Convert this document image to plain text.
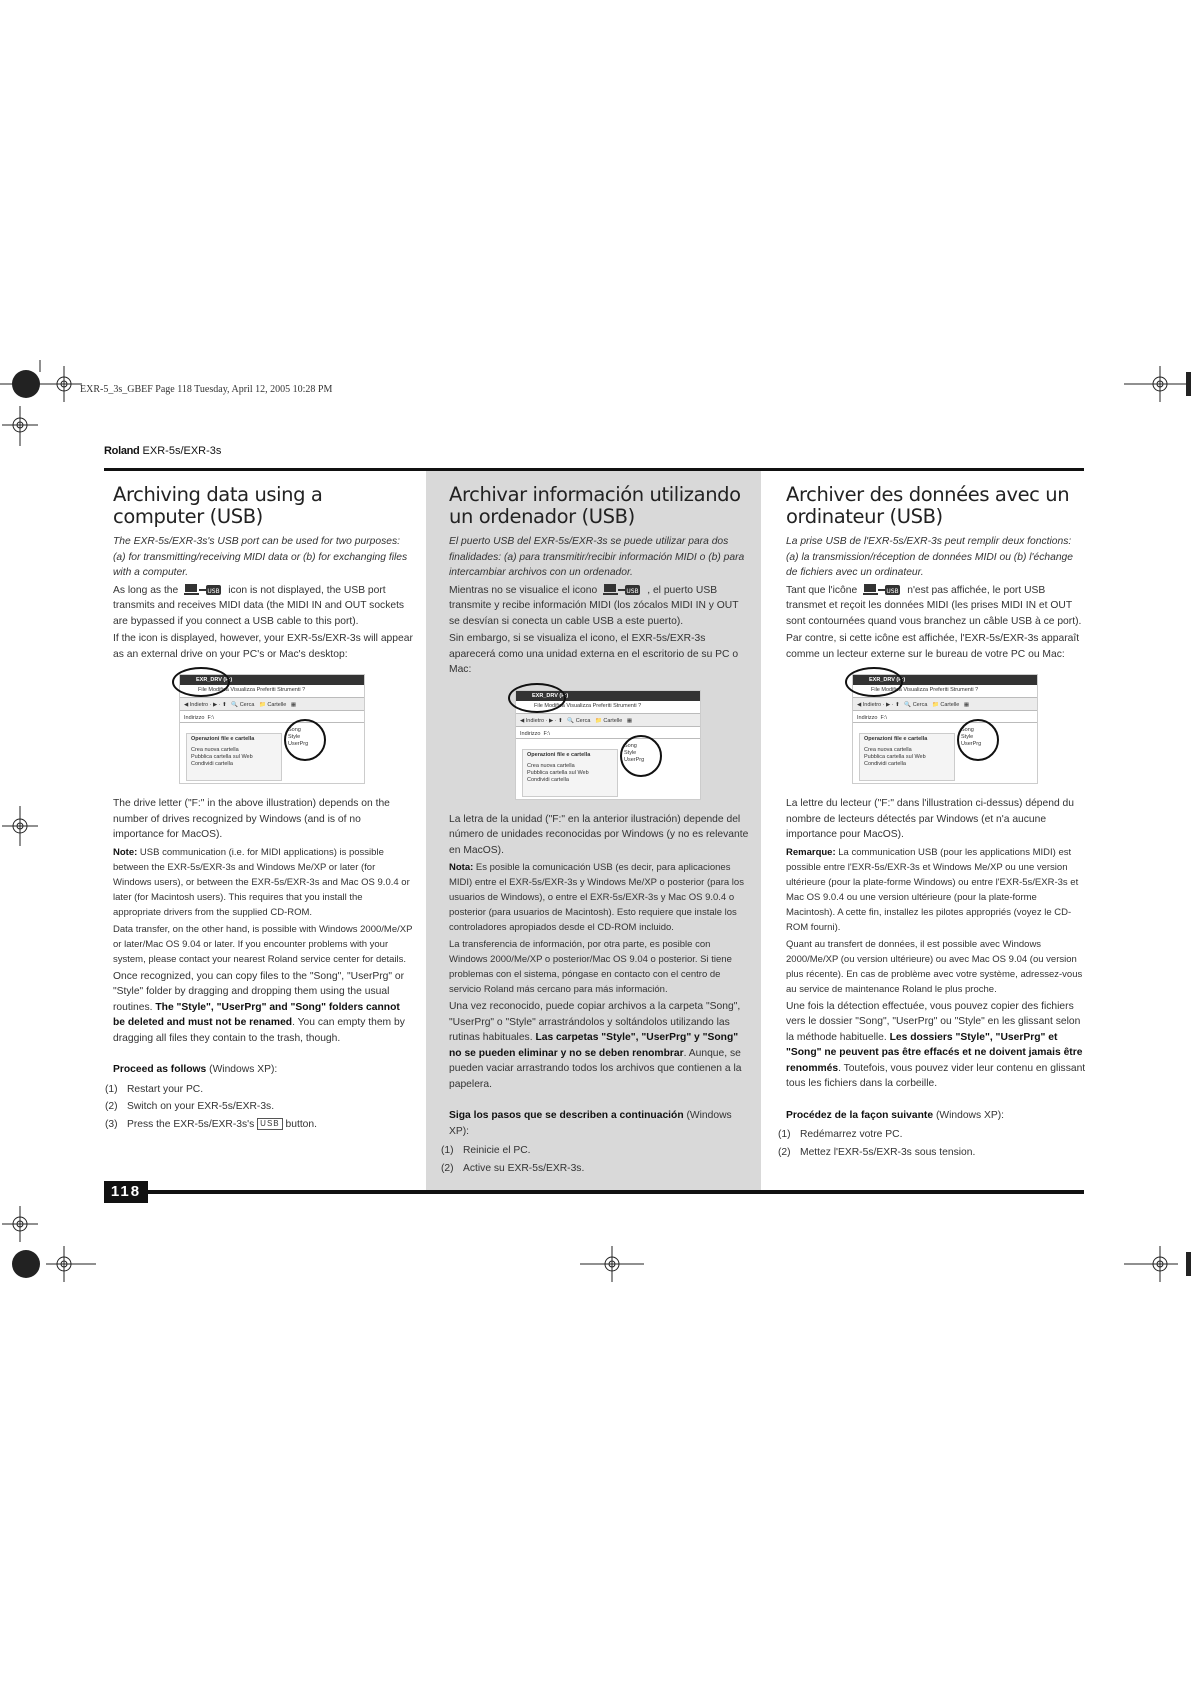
EXR-5_3s_GBEF Page 118 Tuesday, April 12, 2005 10:28 PM
Roland EXR-5s/EXR-3s
118
Archiving data using a computer (USB)

The EXR-5s/EXR-3s's USB port can be used for two purposes: (a) for transmitting/receiving MIDI data or (b) for exchanging files with a computer.

As long as the	USB icon is not displayed, the USB port transmits and receives MIDI data (the MIDI IN and OUT sockets are bypassed if you connect a USB cable to this port).

If the icon is displayed, however, your EXR-5s/EXR-3s will appear as an external drive on your PC's or Mac's desktop:

EXR_DRV (F:)
File Modifica Visualizza Preferiti Strumenti ?
◀ Indietro · ▶ · ⬆   🔍 Cerca   📁 Cartelle   ▦
Indirizzo F:\
Operazioni file e cartella
Crea nuova cartella
Pubblica cartella sul Web
Condividi cartella
Song
Style
UserPrg

The drive letter ("F:" in the above illustration) depends on the number of drives recognized by Windows (and is of no importance for MacOS).

Note: USB communication (i.e. for MIDI applications) is possible between the EXR-5s/EXR-3s and Windows Me/XP or later (for Windows users), or between the EXR-5s/EXR-3s and Mac OS 9.0.4 or later (for Macintosh users). This requires that you install the appropriate drivers from the supplied CD-ROM.

Data transfer, on the other hand, is possible with Windows 2000/Me/XP or later/Mac OS 9.04 or later. If you encounter problems with your system, please contact your nearest Roland service center for details.

Once recognized, you can copy files to the "Song", "UserPrg" or "Style" folder by dragging and dropping them using the usual routines. The "Style", "UserPrg" and "Song" folders cannot be deleted and must not be renamed. You can empty them by dragging all files they contain to the trash, though.

Proceed as follows (Windows XP):

(1) Restart your PC.
(2) Switch on your EXR-5s/EXR-3s.
(3) Press the EXR-5s/EXR-3s's USB button.
Archivar información utilizando un ordenador (USB)

El puerto USB del EXR-5s/EXR-3s se puede utilizar para dos finalidades: (a) para transmitir/recibir información MIDI o (b) para intercambiar archivos con un ordenador.

Mientras no se visualice el icono	USB , el puerto USB transmite y recibe información MIDI (los zócalos MIDI IN y OUT se desvían si conecta un cable USB a este puerto).

Sin embargo, si se visualiza el icono, el EXR-5s/EXR-3s aparecerá como una unidad externa en el escritorio de su PC o Mac:

EXR_DRV (F:)
File Modifica Visualizza Preferiti Strumenti ?
◀ Indietro · ▶ · ⬆   🔍 Cerca   📁 Cartelle   ▦
Indirizzo F:\
Operazioni file e cartella
Crea nuova cartella
Pubblica cartella sul Web
Condividi cartella
Song
Style
UserPrg

La letra de la unidad ("F:" en la anterior ilustración) depende del número de unidades reconocidas por Windows (y no es relevante en MacOS).

Nota: Es posible la comunicación USB (es decir, para aplicaciones MIDI) entre el EXR-5s/EXR-3s y Windows Me/XP o posterior (para los usuarios de Windows), o entre el EXR-5s/EXR-3s y Mac OS 9.0.4 o posterior (para usuarios de Macintosh). Esto requiere que instale los controladores apropiados desde el CD-ROM incluido.

La transferencia de información, por otra parte, es posible con Windows 2000/Me/XP o posterior/Mac OS 9.04 o posterior. Si tiene problemas con el sistema, póngase en contacto con el centro de servicio Roland más cercano para más información.

Una vez reconocido, puede copiar archivos a la carpeta "Song", "UserPrg" o "Style" arrastrándolos y soltándolos utilizando las rutinas habituales. Las carpetas "Style", "UserPrg" y "Song" no se pueden eliminar y no se deben renombrar. Aunque, se pueden vaciar arrastrando todos los archivos que contienen a la papelera.

Siga los pasos que se describen a continuación (Windows XP):

(1) Reinicie el PC.
(2) Active su EXR-5s/EXR-3s.
Archiver des données avec un ordinateur (USB)

La prise USB de l'EXR-5s/EXR-3s peut remplir deux fonctions: (a) la transmission/réception de données MIDI ou (b) l'échange de fichiers avec un ordinateur.

Tant que l'icône	USB n'est pas affichée, le port USB transmet et reçoit les données MIDI (les prises MIDI IN et OUT sont contournées quand vous branchez un câble USB à ce port).

Par contre, si cette icône est affichée, l'EXR-5s/EXR-3s apparaît comme un lecteur externe sur le bureau de votre PC ou Mac:

EXR_DRV (F:)
File Modifica Visualizza Preferiti Strumenti ?
◀ Indietro · ▶ · ⬆   🔍 Cerca   📁 Cartelle   ▦
Indirizzo F:\
Operazioni file e cartella
Crea nuova cartella
Pubblica cartella sul Web
Condividi cartella
Song
Style
UserPrg

La lettre du lecteur ("F:" dans l'illustration ci-dessus) dépend du nombre de lecteurs détectés par Windows (et n'a aucune importance pour MacOS).

Remarque: La communication USB (pour les applications MIDI) est possible entre l'EXR-5s/EXR-3s et Windows Me/XP ou une version ultérieure (pour la plate-forme Windows) ou entre l'EXR-5s/EXR-3s et Mac OS 9.0.4 ou une version ultérieure (pour la plate-forme Macintosh). A cette fin, installez les pilotes appropriés (voyez le CD-ROM fourni).

Quant au transfert de données, il est possible avec Windows 2000/Me/XP (ou version ultérieure) ou avec Mac OS 9.04 (ou version plus récente). En cas de problème avec votre système, adressez-vous au service de maintenance Roland le plus proche.

Une fois la détection effectuée, vous pouvez copier des fichiers vers le dossier "Song", "UserPrg" ou "Style" en les glissant selon la méthode habituelle. Les dossiers "Style", "UserPrg" et "Song" ne peuvent pas être effacés et ne doivent jamais être renommés. Toutefois, vous pouvez vider leur contenu en glissant tous les fichiers dans la corbeille.

Procédez de la façon suivante (Windows XP):

(1) Redémarrez votre PC.
(2) Mettez l'EXR-5s/EXR-3s sous tension.
